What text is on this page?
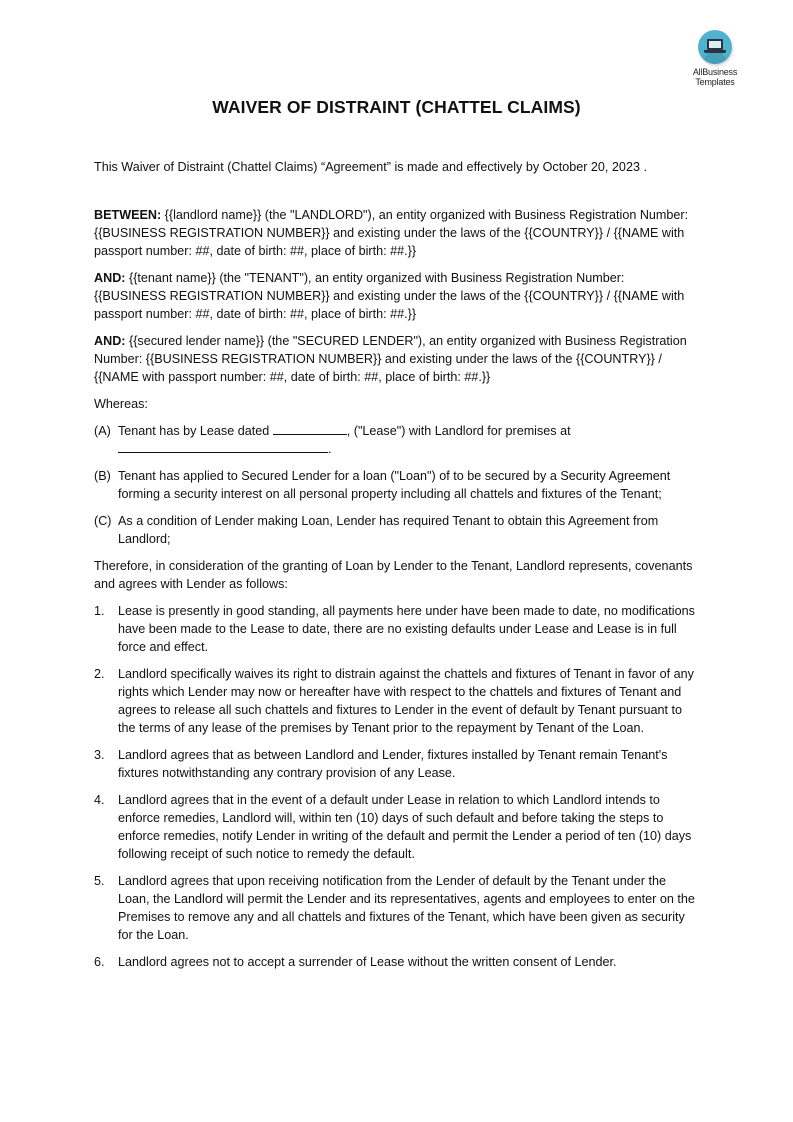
AllBusiness
Templates
WAIVER OF DISTRAINT (CHATTEL CLAIMS)

This Waiver of Distraint (Chattel Claims) “Agreement” is made and effectively by October 20, 2023 .

BETWEEN: {{landlord name}} (the "LANDLORD"), an entity organized with Business Registration Number: {{BUSINESS REGISTRATION NUMBER}} and existing under the laws of the {{COUNTRY}} / {{NAME with passport number: ##, date of birth: ##, place of birth: ##.}}

AND: {{tenant name}} (the "TENANT"), an entity organized with Business Registration Number: {{BUSINESS REGISTRATION NUMBER}} and existing under the laws of the {{COUNTRY}} / {{NAME with passport number: ##, date of birth: ##, place of birth: ##.}}

AND: {{secured lender name}} (the "SECURED LENDER"), an entity organized with Business Registration Number: {{BUSINESS REGISTRATION NUMBER}} and existing under the laws of the {{COUNTRY}} / {{NAME with passport number: ##, date of birth: ##, place of birth: ##.}}

Whereas:

(A) Tenant has by Lease dated	, ("Lease") with Landlord for premises at
.
(B) Tenant has applied to Secured Lender for a loan ("Loan") of to be secured by a Security Agreement forming a security interest on all personal property including all chattels and fixtures of the Tenant;
(C) As a condition of Lender making Loan, Lender has required Tenant to obtain this Agreement from Landlord;

Therefore, in consideration of the granting of Loan by Lender to the Tenant, Landlord represents, covenants and agrees with Lender as follows:

1.	Lease is presently in good standing, all payments here under have been made to date, no modifications have been made to the Lease to date, there are no existing defaults under Lease and Lease is in full force and effect.
2.	Landlord specifically waives its right to distrain against the chattels and fixtures of Tenant in favor of any rights which Lender may now or hereafter have with respect to the chattels and fixtures of Tenant and agrees to release all such chattels and fixtures to Lender in the event of default by Tenant pursuant to the terms of any lease of the premises by Tenant prior to the repayment by Tenant of the Loan.
3.	Landlord agrees that as between Landlord and Lender, fixtures installed by Tenant remain Tenant's fixtures notwithstanding any contrary provision of any Lease.
4.	Landlord agrees that in the event of a default under Lease in relation to which Landlord intends to enforce remedies, Landlord will, within ten (10) days of such default and before taking the steps to enforce remedies, notify Lender in writing of the default and permit the Lender a period of ten (10) days following receipt of such notice to remedy the default.
5.	Landlord agrees that upon receiving notification from the Lender of default by the Tenant under the Loan, the Landlord will permit the Lender and its representatives, agents and employees to enter on the Premises to remove any and all chattels and fixtures of the Tenant, which have been given as security for the Loan.
6.	Landlord agrees not to accept a surrender of Lease without the written consent of Lender.
